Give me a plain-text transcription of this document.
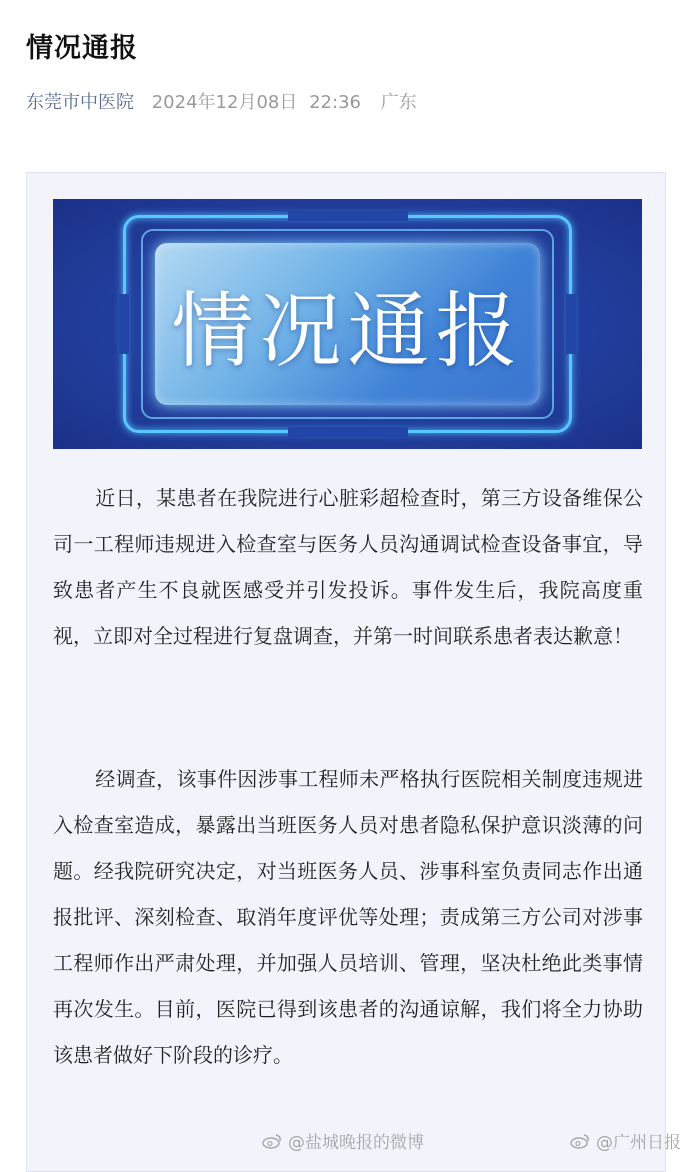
情况通报
东莞市中医院 2024年12月08日 22:36 广东
情况通报

近日，某患者在我院进行心脏彩超检查时，第三方设备维保公司一工程师违规进入检查室与医务人员沟通调试检查设备事宜，导致患者产生不良就医感受并引发投诉。事件发生后，我院高度重视，立即对全过程进行复盘调查，并第一时间联系患者表达歉意！

经调查，该事件因涉事工程师未严格执行医院相关制度违规进入检查室造成，暴露出当班医务人员对患者隐私保护意识淡薄的问题。经我院研究决定，对当班医务人员、涉事科室负责同志作出通报批评、深刻检查、取消年度评优等处理；责成第三方公司对涉事工程师作出严肃处理，并加强人员培训、管理，坚决杜绝此类事情再次发生。目前，医院已得到该患者的沟通谅解，我们将全力协助该患者做好下阶段的诊疗。

@盐城晚报的微博	@广州日报
